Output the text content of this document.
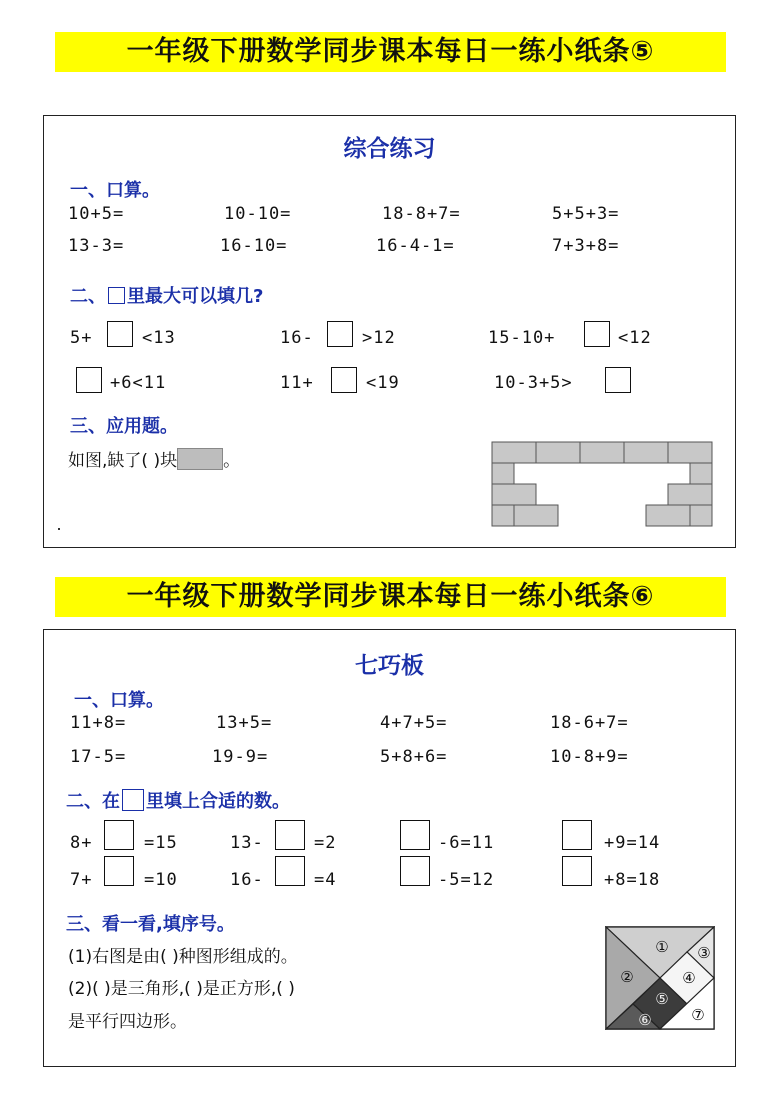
一年级下册数学同步课本每日一练小纸条⑤
综合练习
一、口算。
10+5=	10-10=	18-8+7=	5+5+3=
13-3=	16-10=	16-4-1=	7+3+8=
二、 里最大可以填几?
5+	<13	16-	>12	15-10+	<12
+6<11	11+	<19	10-3+5>
三、应用题。
如图,缺了( )块	。
一年级下册数学同步课本每日一练小纸条⑥
七巧板
一、口算。
11+8=	13+5=	4+7+5=	18-6+7=
17-5=	19-9=	5+8+6=	10-8+9=
二、在 里填上合适的数。
8+	=15	13-	=2	-6=11	+9=14
7+	=10	16-	=4	-5=12	+8=18
三、看一看,填序号。
(1)右图是由( )种图形组成的。
(2)( )是三角形,( )是正方形,( )
是平行四边形。
①
②
③
④
⑤
⑥	⑦
